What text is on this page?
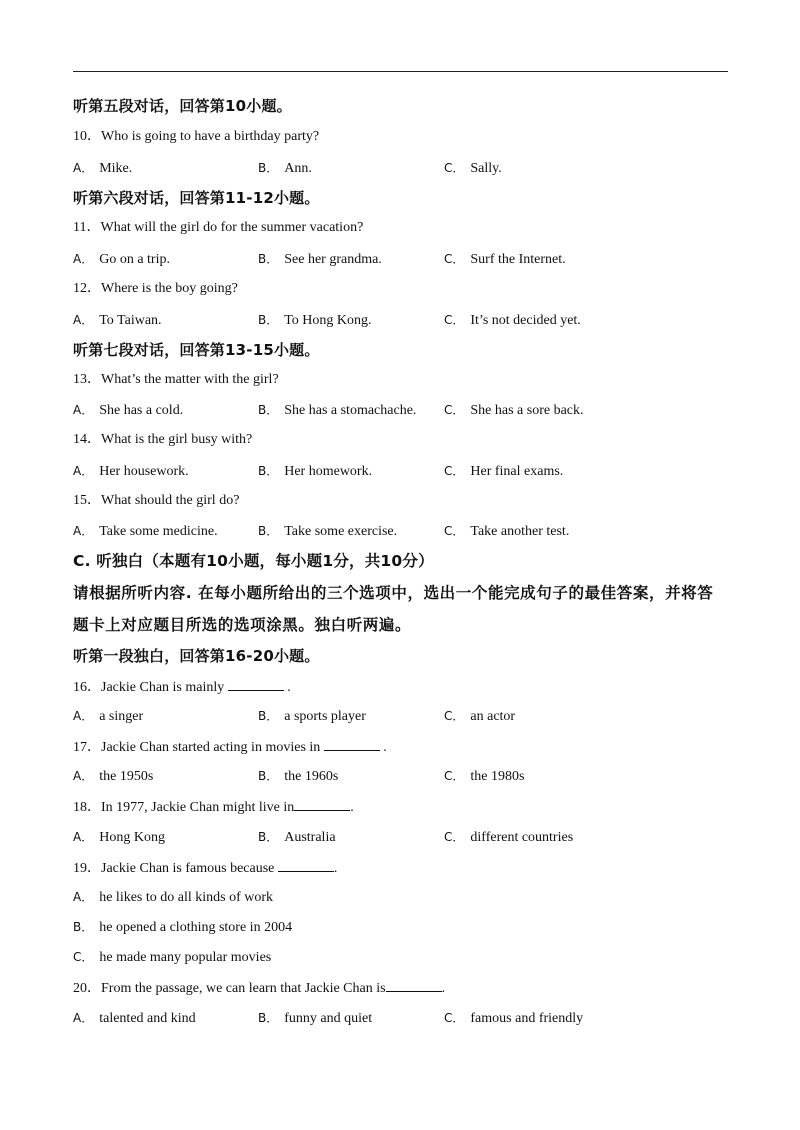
听第五段对话，回答第10小题。
10．Who is going to have a birthday party?
A． Mike.	B． Ann.	C． Sally.
听第六段对话，回答第11-12小题。
11．What will the girl do for the summer vacation?
A． Go on a trip.	B． See her grandma.	C． Surf the Internet.
12．Where is the boy going?
A． To Taiwan.	B． To Hong Kong.	C． It’s not decided yet.
听第七段对话，回答第13-15小题。
13．What’s the matter with the girl?
A． She has a cold.	B． She has a stomachache. C． She has a sore back.
14．What is the girl busy with?
A． Her housework.	B． Her homework.	C． Her final exams.
15．What should the girl do?
A． Take some medicine.	B． Take some exercise.	C． Take another test.
C. 听独白（本题有10小题，每小题1分，共10分）
请根据所听内容. 在每小题所给出的三个选项中，选出一个能完成句子的最佳答案，并将答
题卡上对应题目所选的选项涂黑。独白听两遍。
听第一段独白，回答第16-20小题。
16．Jackie Chan is mainly	.
A． a singer	B． a sports player	C． an actor
17．Jackie Chan started acting in movies in	.
A． the 1950s	B． the 1960s	C． the 1980s
18．In 1977, Jackie Chan might live in	.
A． Hong Kong	B． Australia	C． different countries
19．Jackie Chan is famous because	.
A． he likes to do all kinds of work
B． he opened a clothing store in 2004
C． he made many popular movies
20．From the passage, we can learn that Jackie Chan is	.
A． talented and kind	B． funny and quiet	C． famous and friendly
